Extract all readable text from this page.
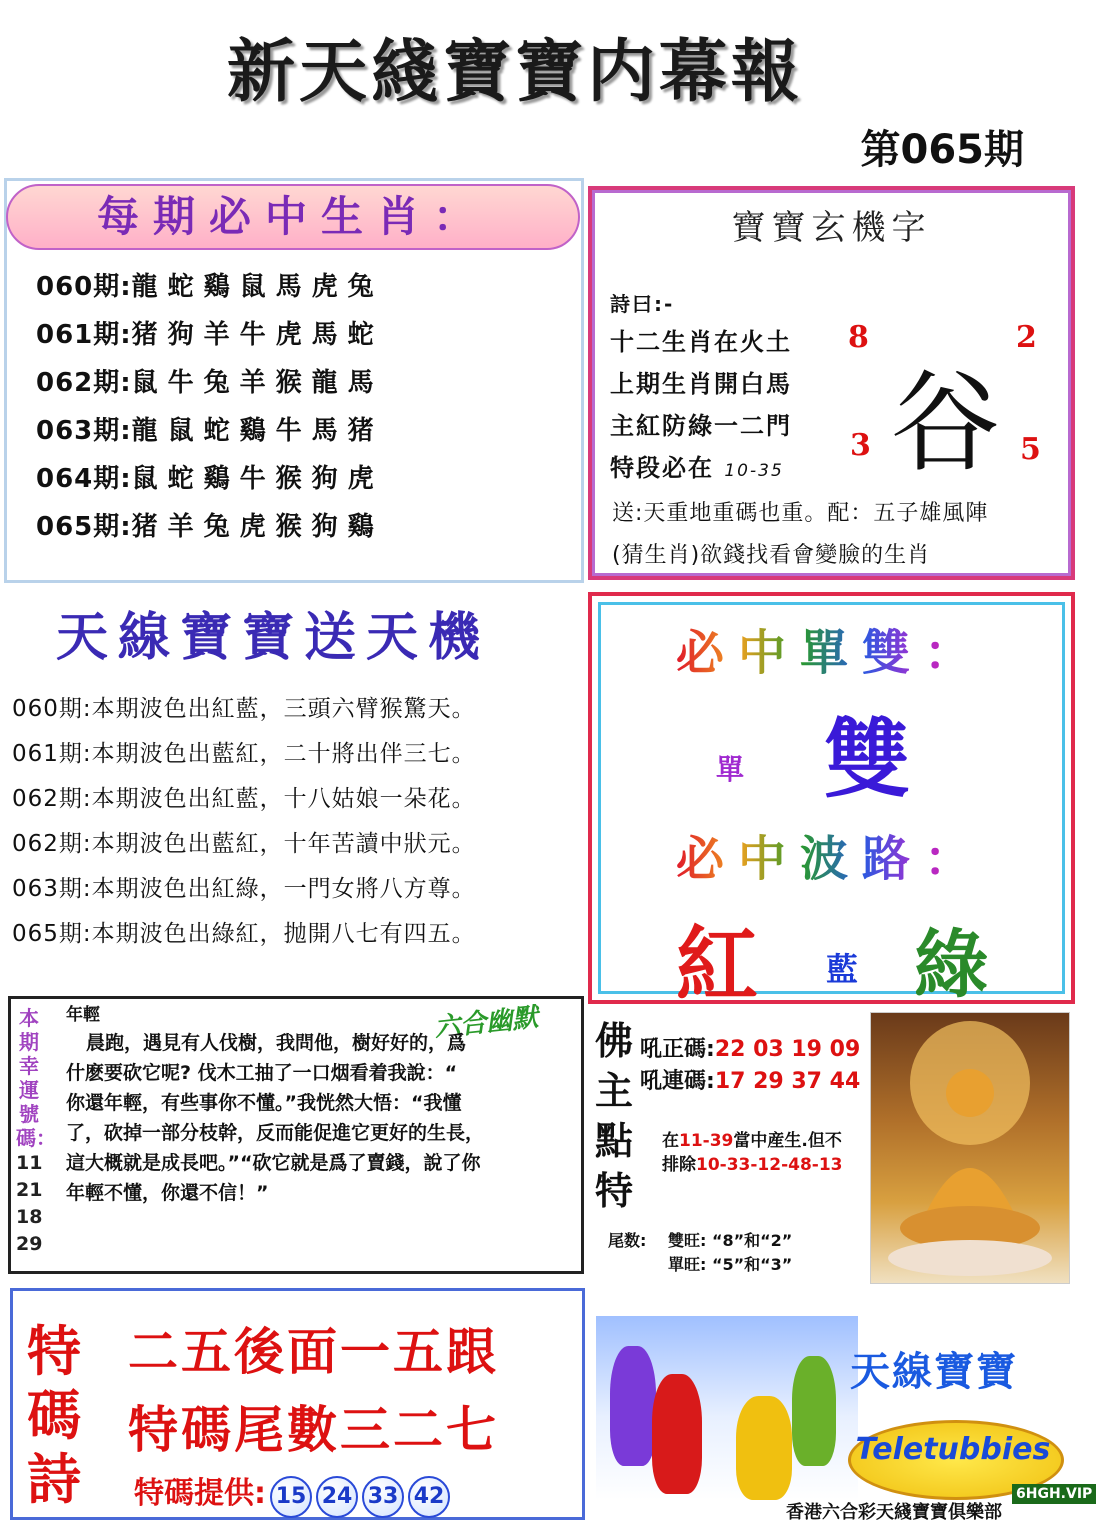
新天綫寶寶内幕報
第065期
每期必中生肖：
060期:龍蛇鷄鼠馬虎兔
061期:猪狗羊牛虎馬蛇
062期:鼠牛兔羊猴龍馬
063期:龍鼠蛇鷄牛馬猪
064期:鼠蛇鷄牛猴狗虎
065期:猪羊兔虎猴狗鷄
寶寶玄機字
詩曰:-
十二生肖在火土
上期生肖開白馬
主紅防綠一二門
特段必在 10-35
8	2
3	5
谷
送:天重地重碼也重。配：五子雄風陣
(猜生肖)欲錢找看會變臉的生肖
天線寶寶送天機
060期:本期波色出紅藍，三頭六臂猴驚天。
061期:本期波色出藍紅，二十將出伴三七。
062期:本期波色出紅藍，十八姑娘一朵花。
062期:本期波色出藍紅，十年苦讀中狀元。
063期:本期波色出紅綠，一門女將八方尊。
065期:本期波色出綠紅，抛開八七有四五。
必中單雙：
單 雙
必中波路：
紅 藍 綠
本期幸運號碼：
11
21
18
29
六合幽默
年輕
晨跑，遇見有人伐樹，我問他，樹好好的，爲
什麽要砍它呢? 伐木工抽了一口烟看着我說：“
你還年輕，有些事你不懂。”我恍然大悟：“我懂
了，砍掉一部分枝幹，反而能促進它更好的生長，
這大概就是成長吧。”“砍它就是爲了賣錢，說了你
年輕不懂，你還不信！”
佛主點特
吼正碼:22 03 19 09
吼連碼:17 29 37 44
在11-39當中産生.但不
排除10-33-12-48-13
尾数: 雙旺: “8”和“2”
單旺: “5”和“3”
特碼詩
二五後面一五跟
特碼尾數三二七
特碼提供: 15 24 33 42
天線寶寶
Teletubbies
香港六合彩天綫寶寶俱樂部
6HGH.VIP
